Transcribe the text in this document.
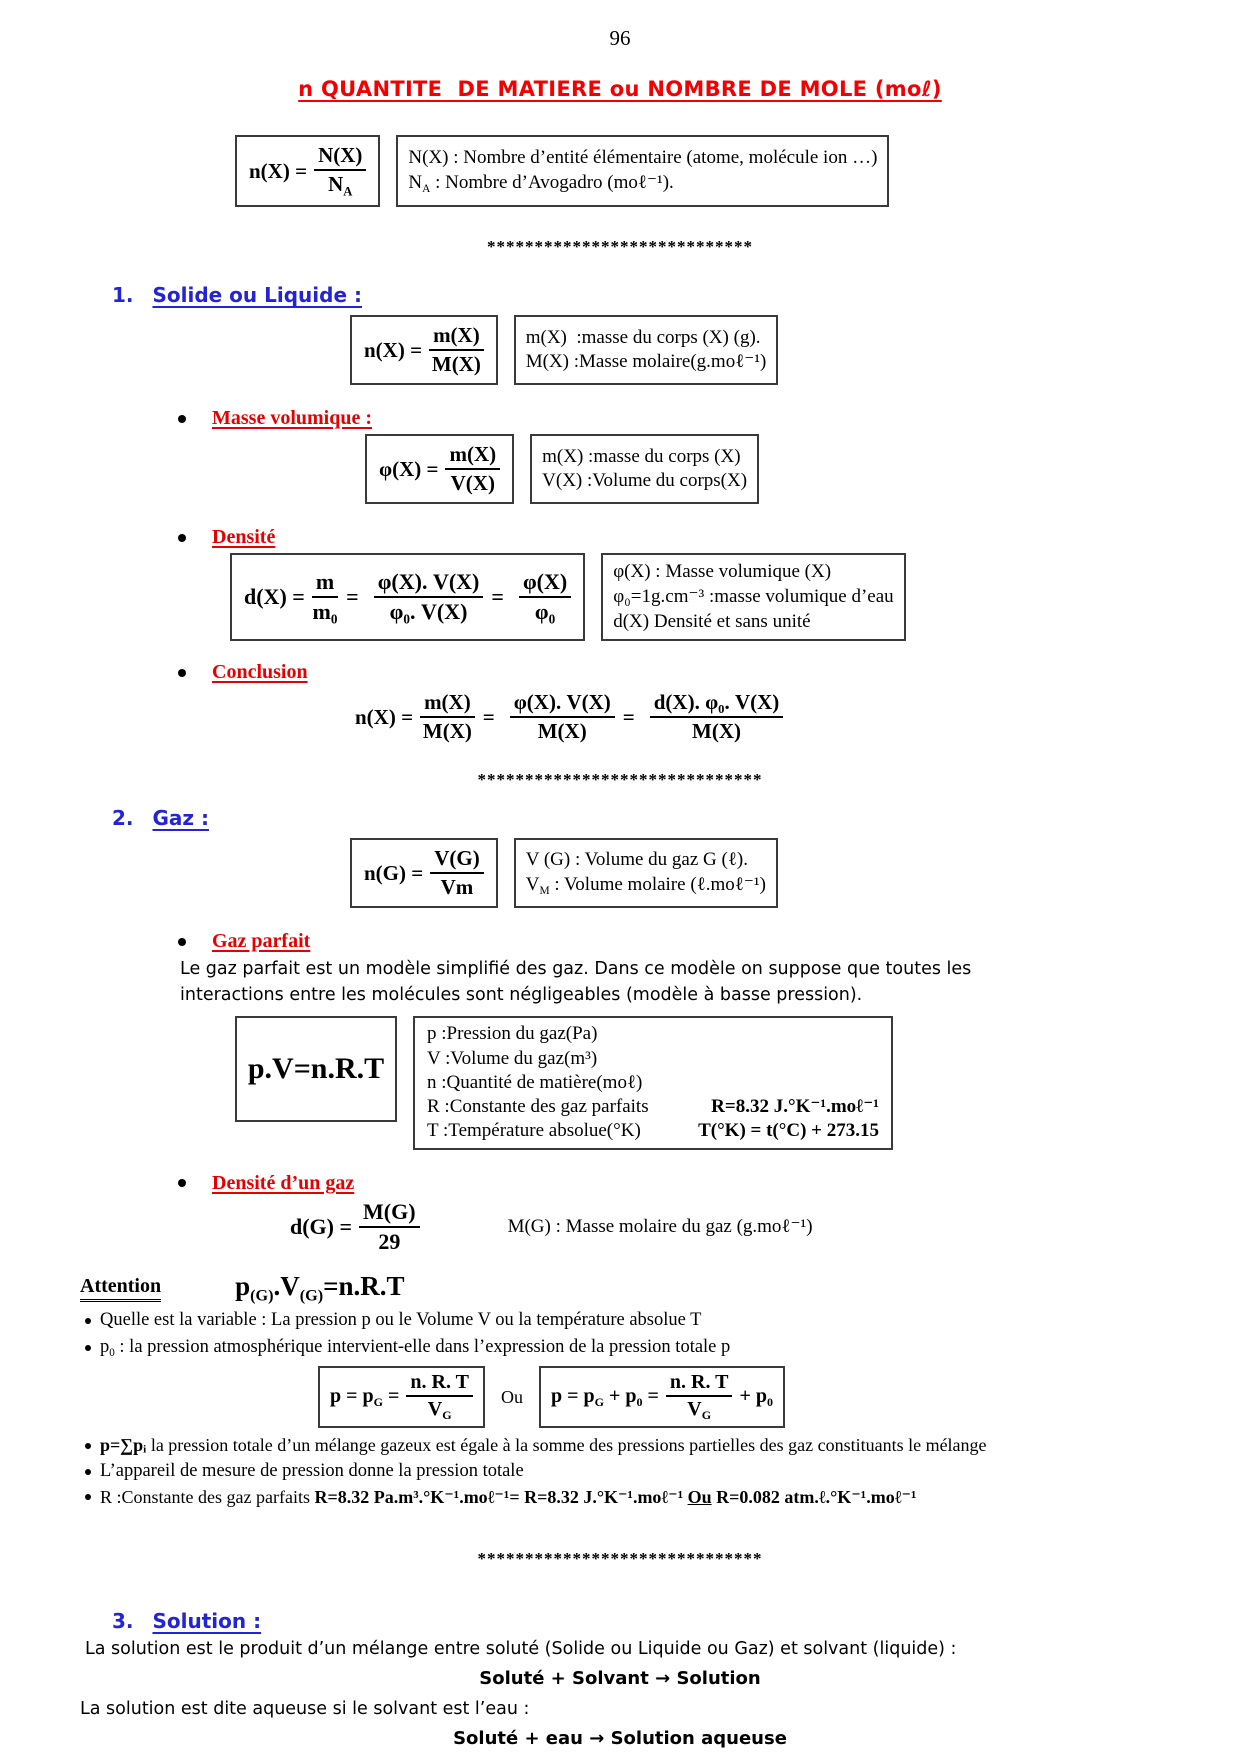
96
n QUANTITE  DE MATIERE ou NOMBRE DE MOLE (moℓ)
$n(X) = \frac{N(X)}{N_A} N(X)$ : Nombre d’entité élémentaire (atome, molécule ion …)
$N_A$ : Nombre d’Avogadro (moℓ⁻¹).
****************************
1. Solide ou Liquide :
$n(X) = \frac{m(X)}{M(X)} m(X)$  :masse du corps (X) (g).
M(X) :Masse molaire(g.moℓ⁻¹)
Masse volumique :
$\varphi(X) = \frac{m(X)}{V(X)} m(X)$ :masse du corps (X)
V(X) :Volume du corps(X)
Densité
$d(X) = \frac{m}{\text{m₀}} = \frac{\varphi(X). V(X)}{\text{φ₀. V(X)}} = \frac{\varphi(X)}{\text{φ₀}} \varphi(X)$ : Masse volumique (X)
φ₀=1g.cm⁻³ :masse volumique d’eau
d(X) Densité et sans unité
Conclusion
$n(X) = \frac{m(X)}{M(X)} = \frac{\varphi(X). V(X)}{M(X)} = \frac{\text{d(X). φ₀. V(X)}}{M(X)}$
******************************
2. Gaz :
$n(G) = \frac{V(G)}{Vm}$ V (G) : Volume du gaz G (ℓ).
$V_M$ : Volume molaire (ℓ.moℓ⁻¹)
Gaz parfait

Le gaz parfait est un modèle simplifié des gaz. Dans ce modèle on suppose que toutes les interactions entre les molécules sont négligeables (modèle à basse pression).

p.V=n.R.T
p :Pression du gaz(Pa)
V :Volume du gaz(m³)
n :Quantité de matière(moℓ)
R :Constante des gaz parfaits	R=8.32 J.°K⁻¹.moℓ⁻¹
T :Température absolue(°K)	T(°K) = t(°C) + 273.15
Densité d’un gaz
$d(G) = \frac{M(G)}{29}$	M(G) : Masse molaire du gaz (g.moℓ⁻¹)
Attention	$p_{(G)}.V_{(G)}=n.R.T$
Quelle est la variable : La pression p ou le Volume V ou la température absolue T
$p_0$ : la pression atmosphérique intervient-elle dans l’expression de la pression totale p
$p = p_G = \frac{n. R. T}{V_G}$ Ou $p = p_G + p_0 = \frac{n. R. T}{V_G} + p_0$
p=∑pᵢ la pression totale d’un mélange gazeux est égale à la somme des pressions partielles des gaz constituants le mélange
L’appareil de mesure de pression donne la pression totale
R :Constante des gaz parfaits R=8.32 Pa.m³.°K⁻¹.moℓ⁻¹= R=8.32 J.°K⁻¹.moℓ⁻¹ Ou R=0.082 atm.ℓ.°K⁻¹.moℓ⁻¹
******************************
3. Solution :

La solution est le produit d’un mélange entre soluté (Solide ou Liquide ou Gaz) et solvant (liquide) :

Soluté + Solvant → Solution

La solution est dite aqueuse si le solvant est l’eau :

Soluté + eau → Solution aqueuse
